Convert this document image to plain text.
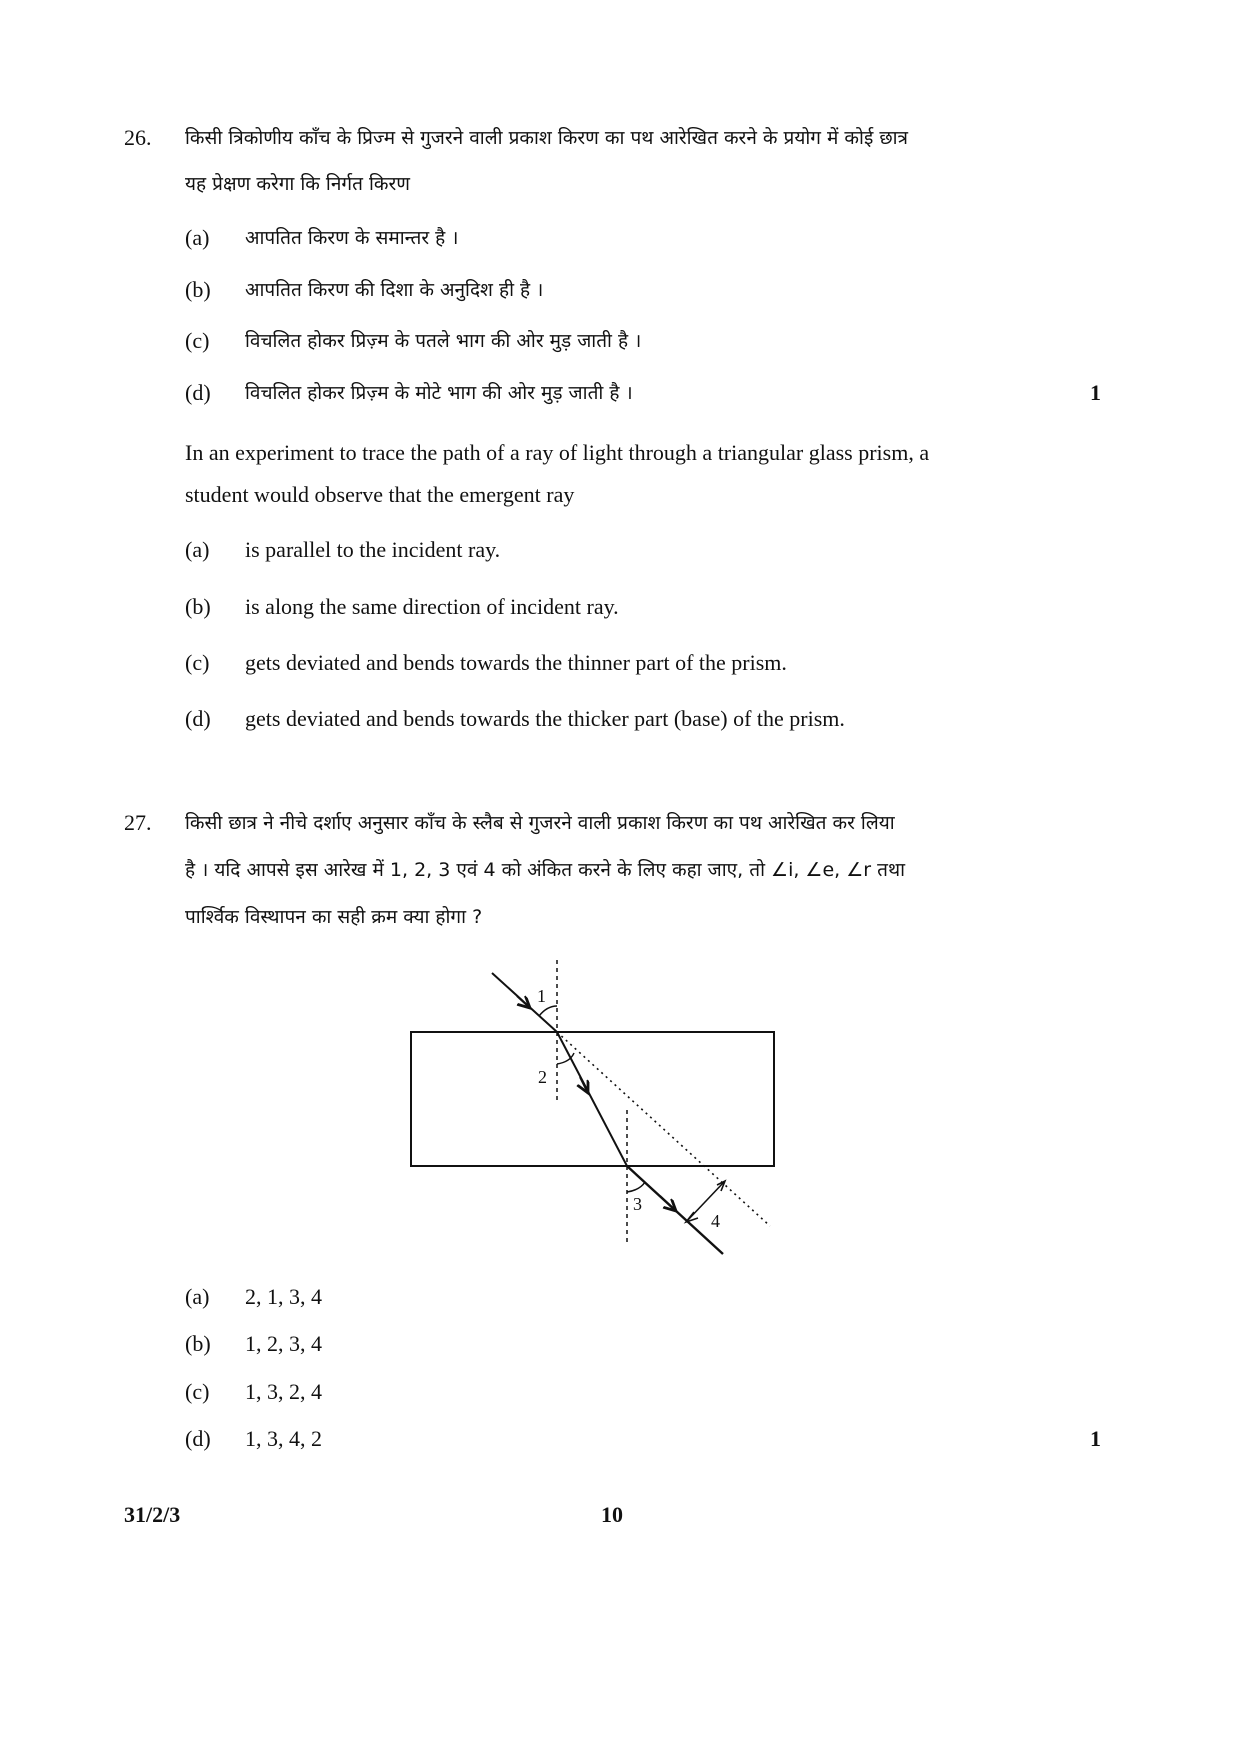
26. किसी त्रिकोणीय काँच के प्रिज्म से गुजरने वाली प्रकाश किरण का पथ आरेखित करने के प्रयोग में कोई छात्र
यह प्रेक्षण करेगा कि निर्गत किरण
(a) आपतित किरण के समान्तर है ।
(b) आपतित किरण की दिशा के अनुदिश ही है ।
(c) विचलित होकर प्रिज़्म के पतले भाग की ओर मुड़ जाती है ।
(d) विचलित होकर प्रिज़्म के मोटे भाग की ओर मुड़ जाती है ।	1
In an experiment to trace the path of a ray of light through a triangular glass prism, a
student would observe that the emergent ray
(a) is parallel to the incident ray.
(b) is along the same direction of incident ray.
(c) gets deviated and bends towards the thinner part of the prism.
(d) gets deviated and bends towards the thicker part (base) of the prism.
27. किसी छात्र ने नीचे दर्शाए अनुसार काँच के स्लैब से गुजरने वाली प्रकाश किरण का पथ आरेखित कर लिया
है । यदि आपसे इस आरेख में 1, 2, 3 एवं 4 को अंकित करने के लिए कहा जाए, तो ∠i, ∠e, ∠r तथा
पार्श्विक विस्थापन का सही क्रम क्या होगा ?
1
2
3
4
(a) 2, 1, 3, 4
(b) 1, 2, 3, 4
(c) 1, 3, 2, 4
(d) 1, 3, 4, 2	1
31/2/3	10
